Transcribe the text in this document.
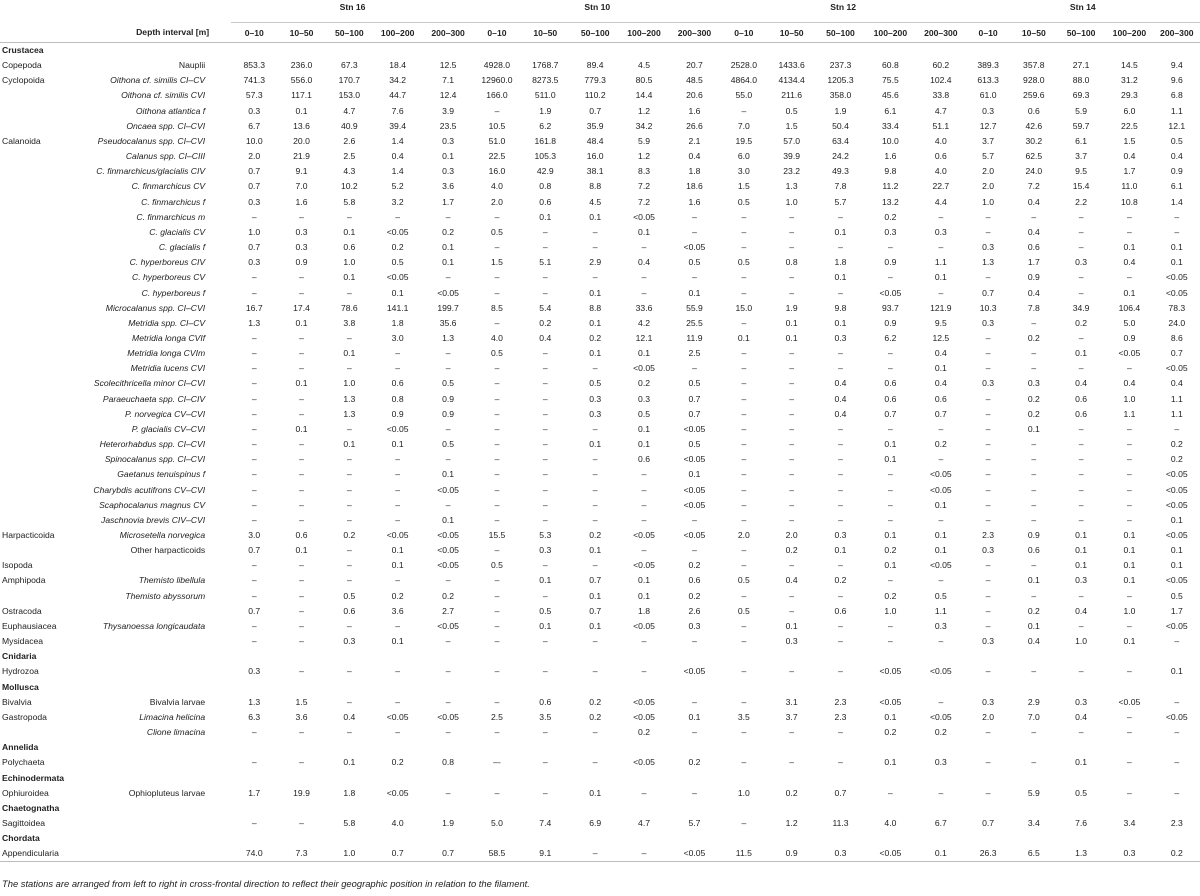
		Stn 16					Stn 10					Stn 12					Stn 14				
	Depth interval [m]	0–10	10–50	50–100	100–200	200–300	0–10	10–50	50–100	100–200	200–300	0–10	10–50	50–100	100–200	200–300	0–10	10–50	50–100	100–200	200–300
Crustacea																					
Copepoda	Nauplii	853.3	236.0	67.3	18.4	12.5	4928.0	1768.7	89.4	4.5	20.7	2528.0	1433.6	237.3	60.8	60.2	389.3	357.8	27.1	14.5	9.4
Cyclopoida	Oithona cf. similis CI–CV	741.3	556.0	170.7	34.2	7.1	12960.0	8273.5	779.3	80.5	48.5	4864.0	4134.4	1205.3	75.5	102.4	613.3	928.0	88.0	31.2	9.6
	Oithona cf. similis CVI	57.3	117.1	153.0	44.7	12.4	166.0	511.0	110.2	14.4	20.6	55.0	211.6	358.0	45.6	33.8	61.0	259.6	69.3	29.3	6.8
	Oithona atlantica f	0.3	0.1	4.7	7.6	3.9	–	1.9	0.7	1.2	1.6	–	0.5	1.9	6.1	4.7	0.3	0.6	5.9	6.0	1.1
	Oncaea spp. CI–CVI	6.7	13.6	40.9	39.4	23.5	10.5	6.2	35.9	34.2	26.6	7.0	1.5	50.4	33.4	51.1	12.7	42.6	59.7	22.5	12.1
Calanoida	Pseudocalanus spp. CI–CVI	10.0	20.0	2.6	1.4	0.3	51.0	161.8	48.4	5.9	2.1	19.5	57.0	63.4	10.0	4.0	3.7	30.2	6.1	1.5	0.5
	Calanus spp. CI–CIII	2.0	21.9	2.5	0.4	0.1	22.5	105.3	16.0	1.2	0.4	6.0	39.9	24.2	1.6	0.6	5.7	62.5	3.7	0.4	0.4
	C. finmarchicus/glacialis CIV	0.7	9.1	4.3	1.4	0.3	16.0	42.9	38.1	8.3	1.8	3.0	23.2	49.3	9.8	4.0	2.0	24.0	9.5	1.7	0.9
	C. finmarchicus CV	0.7	7.0	10.2	5.2	3.6	4.0	0.8	8.8	7.2	18.6	1.5	1.3	7.8	11.2	22.7	2.0	7.2	15.4	11.0	6.1
	C. finmarchicus f	0.3	1.6	5.8	3.2	1.7	2.0	0.6	4.5	7.2	1.6	0.5	1.0	5.7	13.2	4.4	1.0	0.4	2.2	10.8	1.4
	C. finmarchicus m	–	–	–	–	–	–	0.1	0.1	<0.05	–	–	–	–	0.2	–	–	–	–	–	–
	C. glacialis CV	1.0	0.3	0.1	<0.05	0.2	0.5	–	–	0.1	–	–	–	0.1	0.3	0.3	–	0.4	–	–	–
	C. glacialis f	0.7	0.3	0.6	0.2	0.1	–	–	–	–	<0.05	–	–	–	–	–	0.3	0.6	–	0.1	0.1
	C. hyperboreus CIV	0.3	0.9	1.0	0.5	0.1	1.5	5.1	2.9	0.4	0.5	0.5	0.8	1.8	0.9	1.1	1.3	1.7	0.3	0.4	0.1
	C. hyperboreus CV	–	–	0.1	<0.05	–	–	–	–	–	–	–	–	0.1	–	0.1	–	0.9	–	–	<0.05
	C. hyperboreus f	–	–	–	0.1	<0.05	–	–	0.1	–	0.1	–	–	–	<0.05	–	0.7	0.4	–	0.1	<0.05
	Microcalanus spp. CI–CVI	16.7	17.4	78.6	141.1	199.7	8.5	5.4	8.8	33.6	55.9	15.0	1.9	9.8	93.7	121.9	10.3	7.8	34.9	106.4	78.3
	Metridia spp. CI–CV	1.3	0.1	3.8	1.8	35.6	–	0.2	0.1	4.2	25.5	–	0.1	0.1	0.9	9.5	0.3	–	0.2	5.0	24.0
	Metridia longa CVIf	–	–	–	3.0	1.3	4.0	0.4	0.2	12.1	11.9	0.1	0.1	0.3	6.2	12.5	–	0.2	–	0.9	8.6
	Metridia longa CVIm	–	–	0.1	–	–	0.5	–	0.1	0.1	2.5	–	–	–	–	0.4	–	–	0.1	<0.05	0.7
	Metridia lucens CVI	–	–	–	–	–	–	–	–	<0.05	–	–	–	–	–	0.1	–	–	–	–	<0.05
	Scolecithricella minor CI–CVI	–	0.1	1.0	0.6	0.5	–	–	0.5	0.2	0.5	–	–	0.4	0.6	0.4	0.3	0.3	0.4	0.4	0.4
	Paraeuchaeta spp. CI–CIV	–	–	1.3	0.8	0.9	–	–	0.3	0.3	0.7	–	–	0.4	0.6	0.6	–	0.2	0.6	1.0	1.1
	P. norvegica CV–CVI	–	–	1.3	0.9	0.9	–	–	0.3	0.5	0.7	–	–	0.4	0.7	0.7	–	0.2	0.6	1.1	1.1
	P. glacialis CV–CVI	–	0.1	–	<0.05	–	–	–	–	0.1	<0.05	–	–	–	–	–	–	0.1	–	–	–
	Heterorhabdus spp. CI–CVI	–	–	0.1	0.1	0.5	–	–	0.1	0.1	0.5	–	–	–	0.1	0.2	–	–	–	–	0.2
	Spinocalanus spp. CI–CVI	–	–	–	–	–	–	–	–	0.6	<0.05	–	–	–	0.1	–	–	–	–	–	0.2
	Gaetanus tenuispinus f	–	–	–	–	0.1	–	–	–	–	0.1	–	–	–	–	<0.05	–	–	–	–	<0.05
	Charybdis acutifrons CV–CVI	–	–	–	–	<0.05	–	–	–	–	<0.05	–	–	–	–	<0.05	–	–	–	–	<0.05
	Scaphocalanus magnus CV	–	–	–	–	–	–	–	–	–	<0.05	–	–	–	–	0.1	–	–	–	–	<0.05
	Jaschnovia brevis CIV–CVI	–	–	–	–	0.1	–	–	–	–	–	–	–	–	–	–	–	–	–	–	0.1
Harpacticoida	Microsetella norvegica	3.0	0.6	0.2	<0.05	<0.05	15.5	5.3	0.2	<0.05	<0.05	2.0	2.0	0.3	0.1	0.1	2.3	0.9	0.1	0.1	<0.05
	Other harpacticoids	0.7	0.1	–	0.1	<0.05	–	0.3	0.1	–	–	–	0.2	0.1	0.2	0.1	0.3	0.6	0.1	0.1	0.1
Isopoda		–	–	–	0.1	<0.05	0.5	–	–	<0.05	0.2	–	–	–	0.1	<0.05	–	–	0.1	0.1	0.1
Amphipoda	Themisto libellula	–	–	–	–	–	–	0.1	0.7	0.1	0.6	0.5	0.4	0.2	–	–	–	0.1	0.3	0.1	<0.05
	Themisto abyssorum	–	–	0.5	0.2	0.2	–	–	0.1	0.1	0.2	–	–	–	0.2	0.5	–	–	–	–	0.5
Ostracoda		0.7	–	0.6	3.6	2.7	–	0.5	0.7	1.8	2.6	0.5	–	0.6	1.0	1.1	–	0.2	0.4	1.0	1.7
Euphausiacea	Thysanoessa longicaudata	–	–	–	–	<0.05	–	0.1	0.1	<0.05	0.3	–	0.1	–	–	0.3	–	0.1	–	–	<0.05
Mysidacea		–	–	0.3	0.1	–	–	–	–	–	–	–	0.3	–	–	–	0.3	0.4	1.0	0.1	–
Cnidaria																					
Hydrozoa		0.3	–	–	–	–	–	–	–	–	<0.05	–	–	–	<0.05	<0.05	–	–	–	–	0.1
Mollusca																					
Bivalvia	Bivalvia larvae	1.3	1.5	–	–	–	–	0.6	0.2	<0.05	–	–	3.1	2.3	<0.05	–	0.3	2.9	0.3	<0.05	–
Gastropoda	Limacina helicina	6.3	3.6	0.4	<0.05	<0.05	2.5	3.5	0.2	<0.05	0.1	3.5	3.7	2.3	0.1	<0.05	2.0	7.0	0.4	–	<0.05
	Clione limacina	–	–	–	–	–	–	–	–	0.2	–	–	–	–	0.2	0.2	–	–	–	–	–
Annelida																					
Polychaeta		–	–	0.1	0.2	0.8	–-	–	–	<0.05	0.2	–	–	–	0.1	0.3	–	–	0.1	–	–
Echinodermata																					
Ophiuroidea	Ophiopluteus larvae	1.7	19.9	1.8	<0.05	–	–	–	0.1	–	–	1.0	0.2	0.7	–	–	–	5.9	0.5	–	–
Chaetognatha																					
Sagittoidea		–	–	5.8	4.0	1.9	5.0	7.4	6.9	4.7	5.7	–	1.2	11.3	4.0	6.7	0.7	3.4	7.6	3.4	2.3
Chordata																					
Appendicularia		74.0	7.3	1.0	0.7	0.7	58.5	9.1	–	–	<0.05	11.5	0.9	0.3	<0.05	0.1	26.3	6.5	1.3	0.3	0.2
The stations are arranged from left to right in cross-frontal direction to reflect their geographic position in relation to the filament.
